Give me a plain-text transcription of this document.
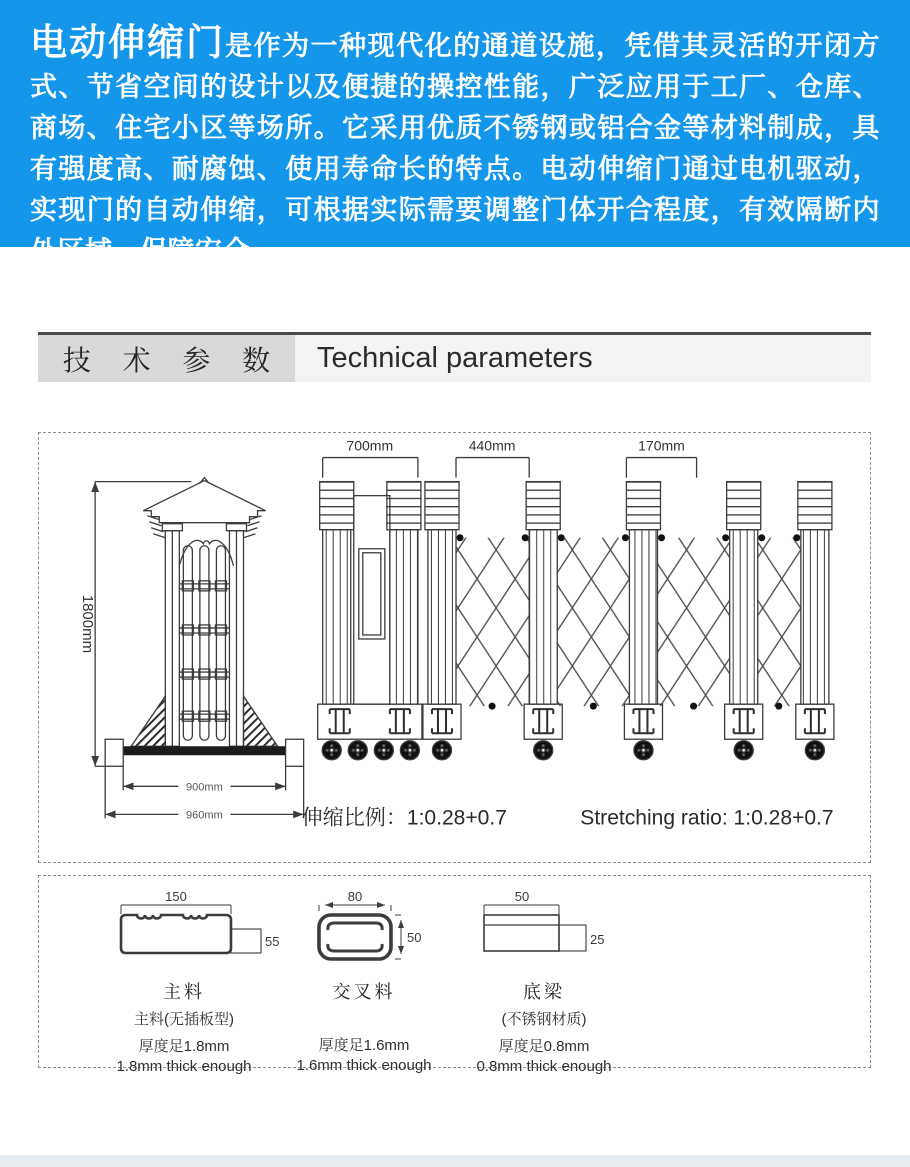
电动伸缩门是作为一种现代化的通道设施，凭借其灵活的开闭方式、节省空间的设计以及便捷的操控性能，广泛应用于工厂、仓库、商场、住宅小区等场所。它采用优质不锈钢或铝合金等材料制成，具有强度高、耐腐蚀、使用寿命长的特点。电动伸缩门通过电机驱动，实现门的自动伸缩，可根据实际需要调整门体开合程度，有效隔断内外区域，保障安全。

技 术 参 数	Technical parameters
1800mm
900mm
960mm
700mm	440mm	170mm
伸缩比例：1:0.28+0.7	Stretching ratio: 1:0.28+0.7
150
55
主料
主料(无插板型)
厚度足1.8mm
1.8mm thick enough
80
50
交叉料
厚度足1.6mm
1.6mm thick enough
50
25
底梁
(不锈钢材质)
厚度足0.8mm
0.8mm thick enough
